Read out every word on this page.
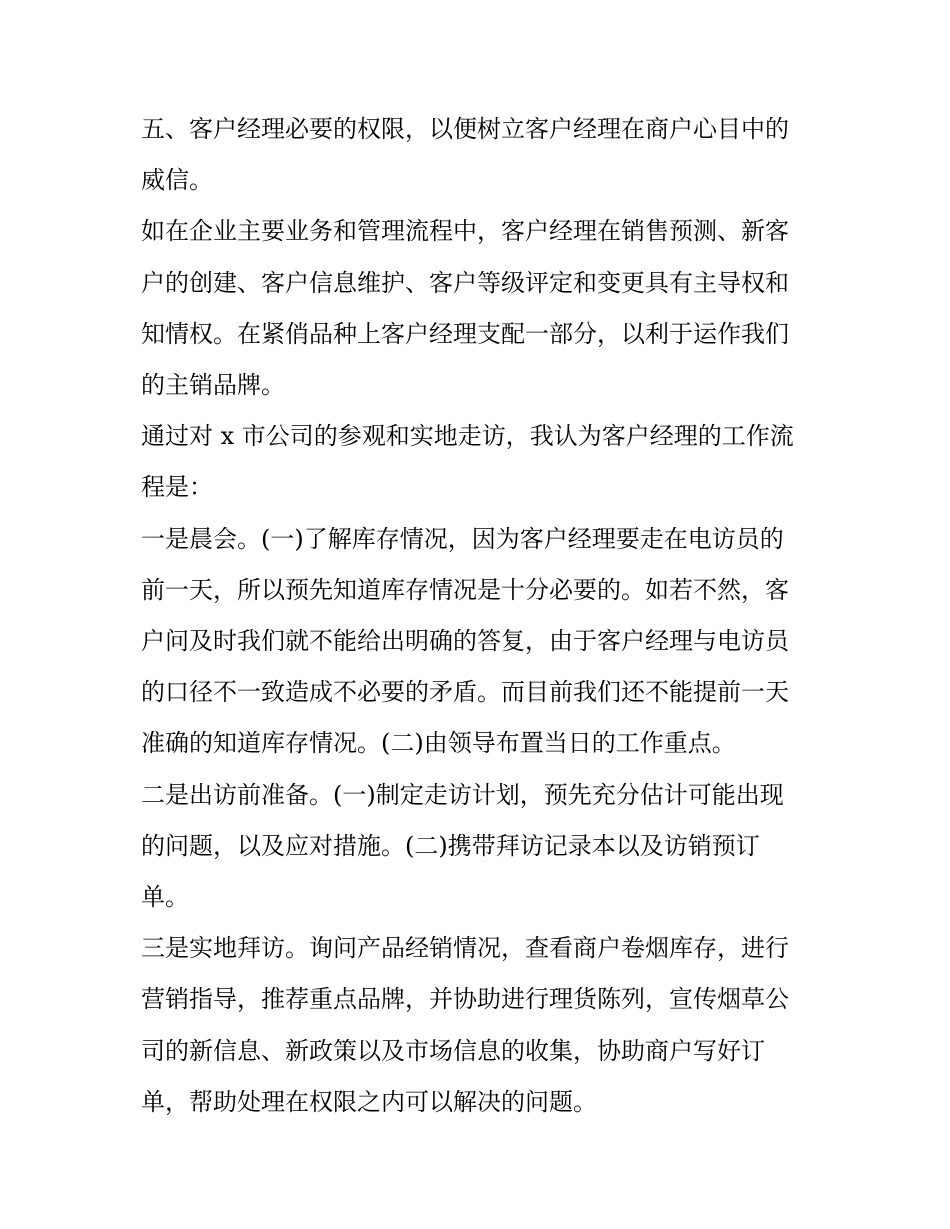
五、客户经理必要的权限，以便树立客户经理在商户心目中的
威信。

如在企业主要业务和管理流程中，客户经理在销售预测、新客
户的创建、客户信息维护、客户等级评定和变更具有主导权和
知情权。在紧俏品种上客户经理支配一部分，以利于运作我们
的主销品牌。

通过对 x 市公司的参观和实地走访，我认为客户经理的工作流
程是：

一是晨会。(一)了解库存情况，因为客户经理要走在电访员的
前一天，所以预先知道库存情况是十分必要的。如若不然，客
户问及时我们就不能给出明确的答复，由于客户经理与电访员
的口径不一致造成不必要的矛盾。而目前我们还不能提前一天
准确的知道库存情况。(二)由领导布置当日的工作重点。

二是出访前准备。(一)制定走访计划，预先充分估计可能出现
的问题，以及应对措施。(二)携带拜访记录本以及访销预订
单。

三是实地拜访。询问产品经销情况，查看商户卷烟库存，进行
营销指导，推荐重点品牌，并协助进行理货陈列，宣传烟草公
司的新信息、新政策以及市场信息的收集，协助商户写好订
单，帮助处理在权限之内可以解决的问题。
